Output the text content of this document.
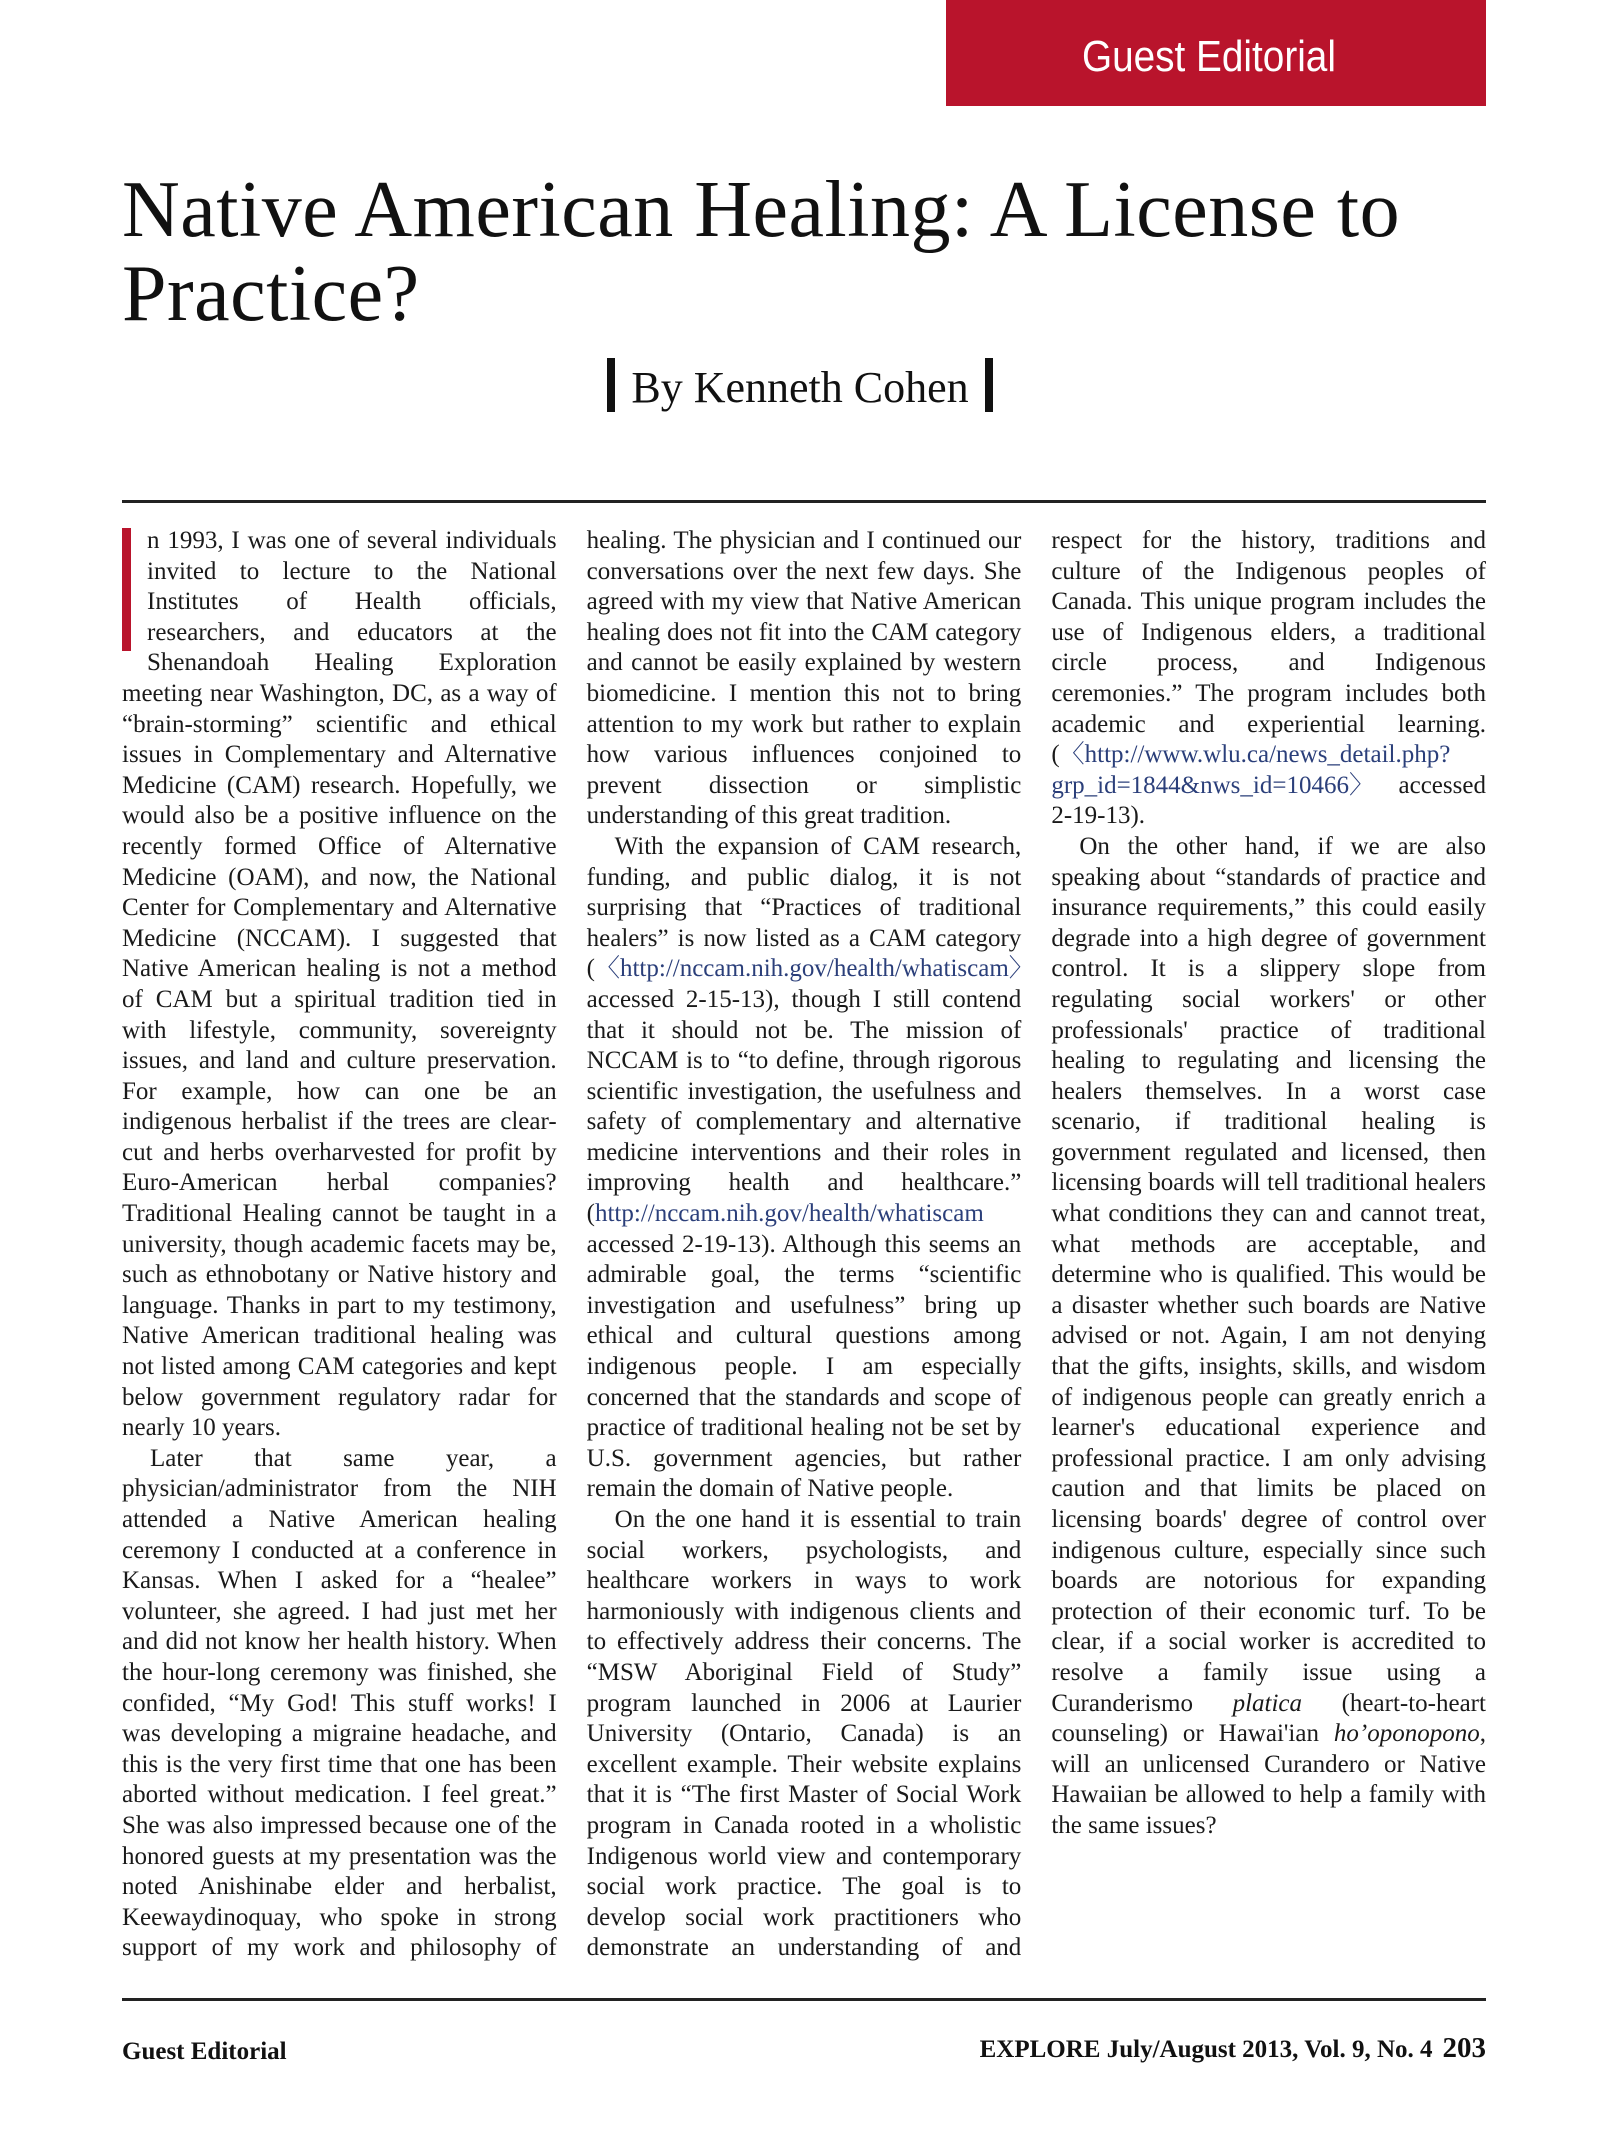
Guest Editorial
Native American Healing: A License to Practice?
By Kenneth Cohen

n 1993, I was one of several individuals invited to lecture to the National Institutes of Health officials, researchers, and educators at the Shenandoah Healing Exploration meeting near Washington, DC, as a way of “brain-storming” scientific and ethical issues in Complementary and Alternative Medicine (CAM) research. Hopefully, we would also be a positive influence on the recently formed Office of Alternative Medicine (OAM), and now, the National Center for Complementary and Alternative Medicine (NCCAM). I suggested that Native American healing is not a method of CAM but a spiritual tradition tied in with lifestyle, community, sovereignty issues, and land and culture preservation. For example, how can one be an indigenous herbalist if the trees are clear-cut and herbs overharvested for profit by Euro-American herbal companies? Traditional Healing cannot be taught in a university, though academic facets may be, such as ethnobotany or Native history and language. Thanks in part to my testimony, Native American traditional healing was not listed among CAM categories and kept below government regulatory radar for nearly 10 years.

Later that same year, a physician/administrator from the NIH attended a Native American healing ceremony I conducted at a conference in Kansas. When I asked for a “healee” volunteer, she agreed. I had just met her and did not know her health history. When the hour-long ceremony was finished, she confided, “My God! This stuff works! I was developing a migraine headache, and this is the very first time that one has been aborted without medication. I feel great.” She was also impressed because one of the honored guests at my presentation was the noted Anishinabe elder and herbalist, Keewaydinoquay, who spoke in strong support of my work and philosophy of healing. The physician and I continued our conversations over the next few days. She agreed with my view that Native American healing does not fit into the CAM category and cannot be easily explained by western biomedicine. I mention this not to bring attention to my work but rather to explain how various influences conjoined to prevent dissection or simplistic understanding of this great tradition.

With the expansion of CAM research, funding, and public dialog, it is not surprising that “Practices of traditional healers” is now listed as a CAM category (〈http://nccam.nih.gov/health/whatiscam〉 accessed 2-15-13), though I still contend that it should not be. The mission of NCCAM is to “to define, through rigorous scientific investigation, the usefulness and safety of complementary and alternative medicine interventions and their roles in improving health and healthcare.” (http://nccam.nih.gov/health/whatiscam accessed 2-19-13). Although this seems an admirable goal, the terms “scientific investigation and usefulness” bring up ethical and cultural questions among indigenous people. I am especially concerned that the standards and scope of practice of traditional healing not be set by U.S. government agencies, but rather remain the domain of Native people.

On the one hand it is essential to train social workers, psychologists, and healthcare workers in ways to work harmoniously with indigenous clients and to effectively address their concerns. The “MSW Aboriginal Field of Study” program launched in 2006 at Laurier University (Ontario, Canada) is an excellent example. Their website explains that it is “The first Master of Social Work program in Canada rooted in a wholistic Indigenous world view and contemporary social work practice. The goal is to develop social work practitioners who demonstrate an understanding of and respect for the history, traditions and culture of the Indigenous peoples of Canada. This unique program includes the use of Indigenous elders, a traditional circle process, and Indigenous ceremonies.” The program includes both academic and experiential learning. (〈http://www.wlu.ca/news_detail.php?grp_id=1844&nws_id=10466〉 accessed 2-19-13).

On the other hand, if we are also speaking about “standards of practice and insurance requirements,” this could easily degrade into a high degree of government control. It is a slippery slope from regulating social workers' or other professionals' practice of traditional healing to regulating and licensing the healers themselves. In a worst case scenario, if traditional healing is government regulated and licensed, then licensing boards will tell traditional healers what conditions they can and cannot treat, what methods are acceptable, and determine who is qualified. This would be a disaster whether such boards are Native advised or not. Again, I am not denying that the gifts, insights, skills, and wisdom of indigenous people can greatly enrich a learner's educational experience and professional practice. I am only advising caution and that limits be placed on licensing boards' degree of control over indigenous culture, especially since such boards are notorious for expanding protection of their economic turf. To be clear, if a social worker is accredited to resolve a family issue using a Curanderismo platica (heart-to-heart counseling) or Hawai'ian ho’oponopono, will an unlicensed Curandero or Native Hawaiian be allowed to help a family with the same issues?

Guest Editorial	EXPLORE July/August 2013, Vol. 9, No. 4 203
